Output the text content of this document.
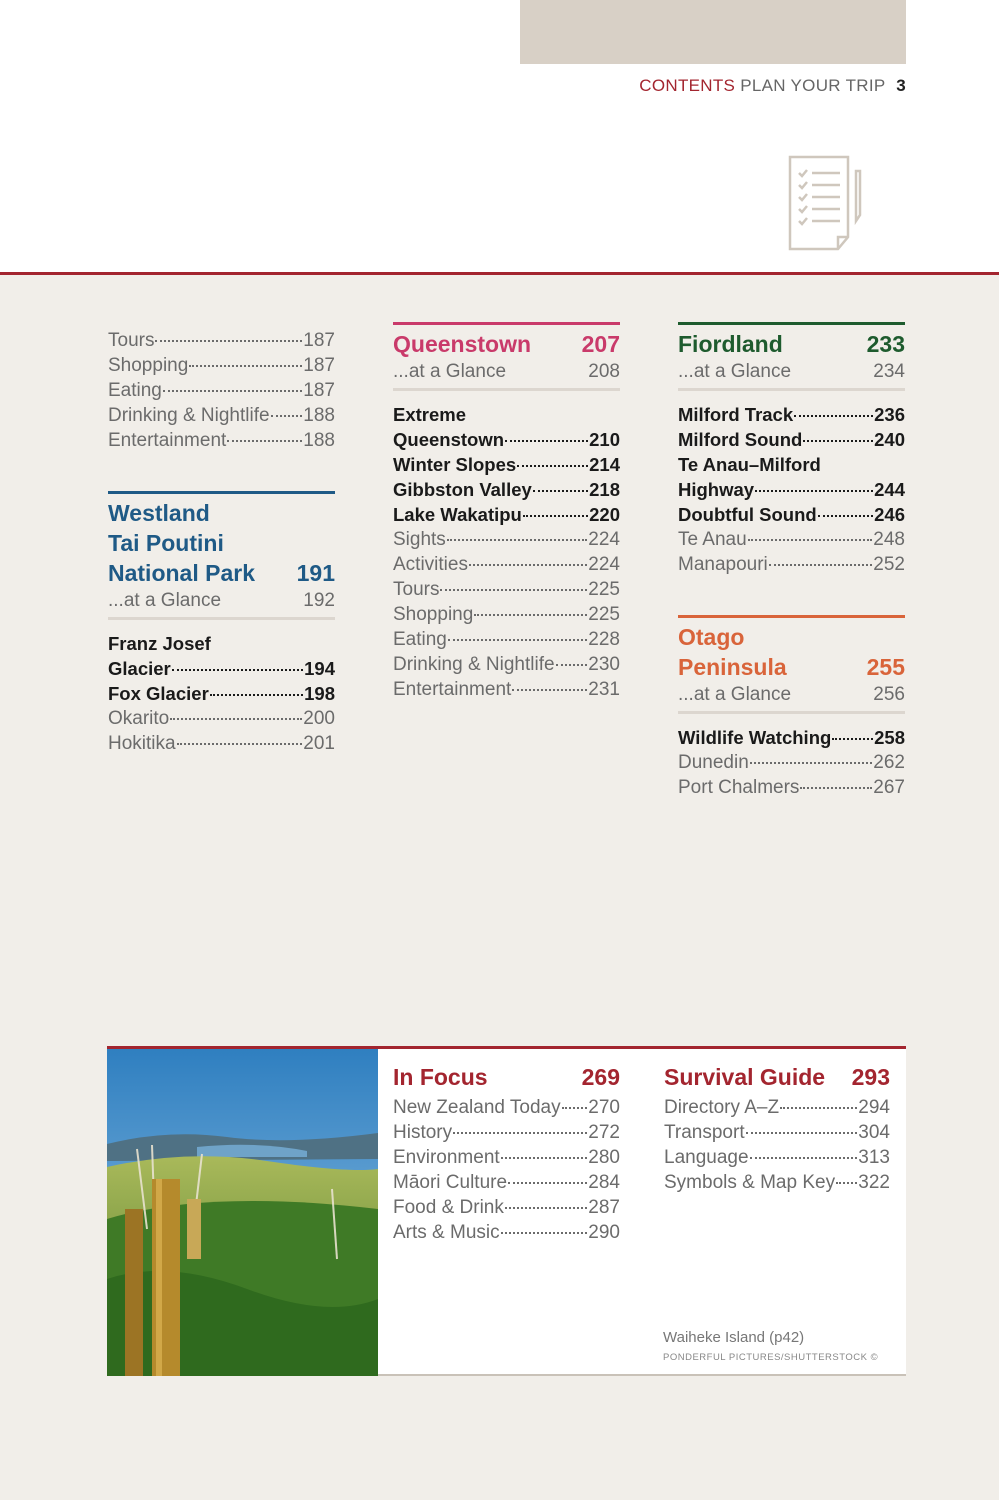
CONTENTS PLAN YOUR TRIP 3
Tours	187
Shopping	187
Eating	187
Drinking & Nightlife 188
Entertainment	188
Westland
Tai Poutini
National Park 191
...at a Glance	192
Franz Josef
Glacier	194
Fox Glacier	198
Okarito	200
Hokitika	201
Queenstown 207
...at a Glance	208
Extreme
Queenstown	210
Winter Slopes	214
Gibbston Valley	218
Lake Wakatipu	220
Sights	224
Activities	224
Tours	225
Shopping	225
Eating	228
Drinking & Nightlife 230
Entertainment	231
Fiordland	233
...at a Glance	234
Milford Track	236
Milford Sound	240
Te Anau–Milford
Highway	244
Doubtful Sound	246
Te Anau	248
Manapouri	252
Otago
Peninsula	255
...at a Glance	256
Wildlife Watching 258
Dunedin	262
Port Chalmers	267
In Focus	269
New Zealand Today 270
History	272
Environment	280
Māori Culture	284
Food & Drink	287
Arts & Music	290
Survival Guide 293
Directory A–Z	294
Transport	304
Language	313
Symbols & Map Key 322
Waiheke Island (p42)
PONDERFUL PICTURES/SHUTTERSTOCK ©
